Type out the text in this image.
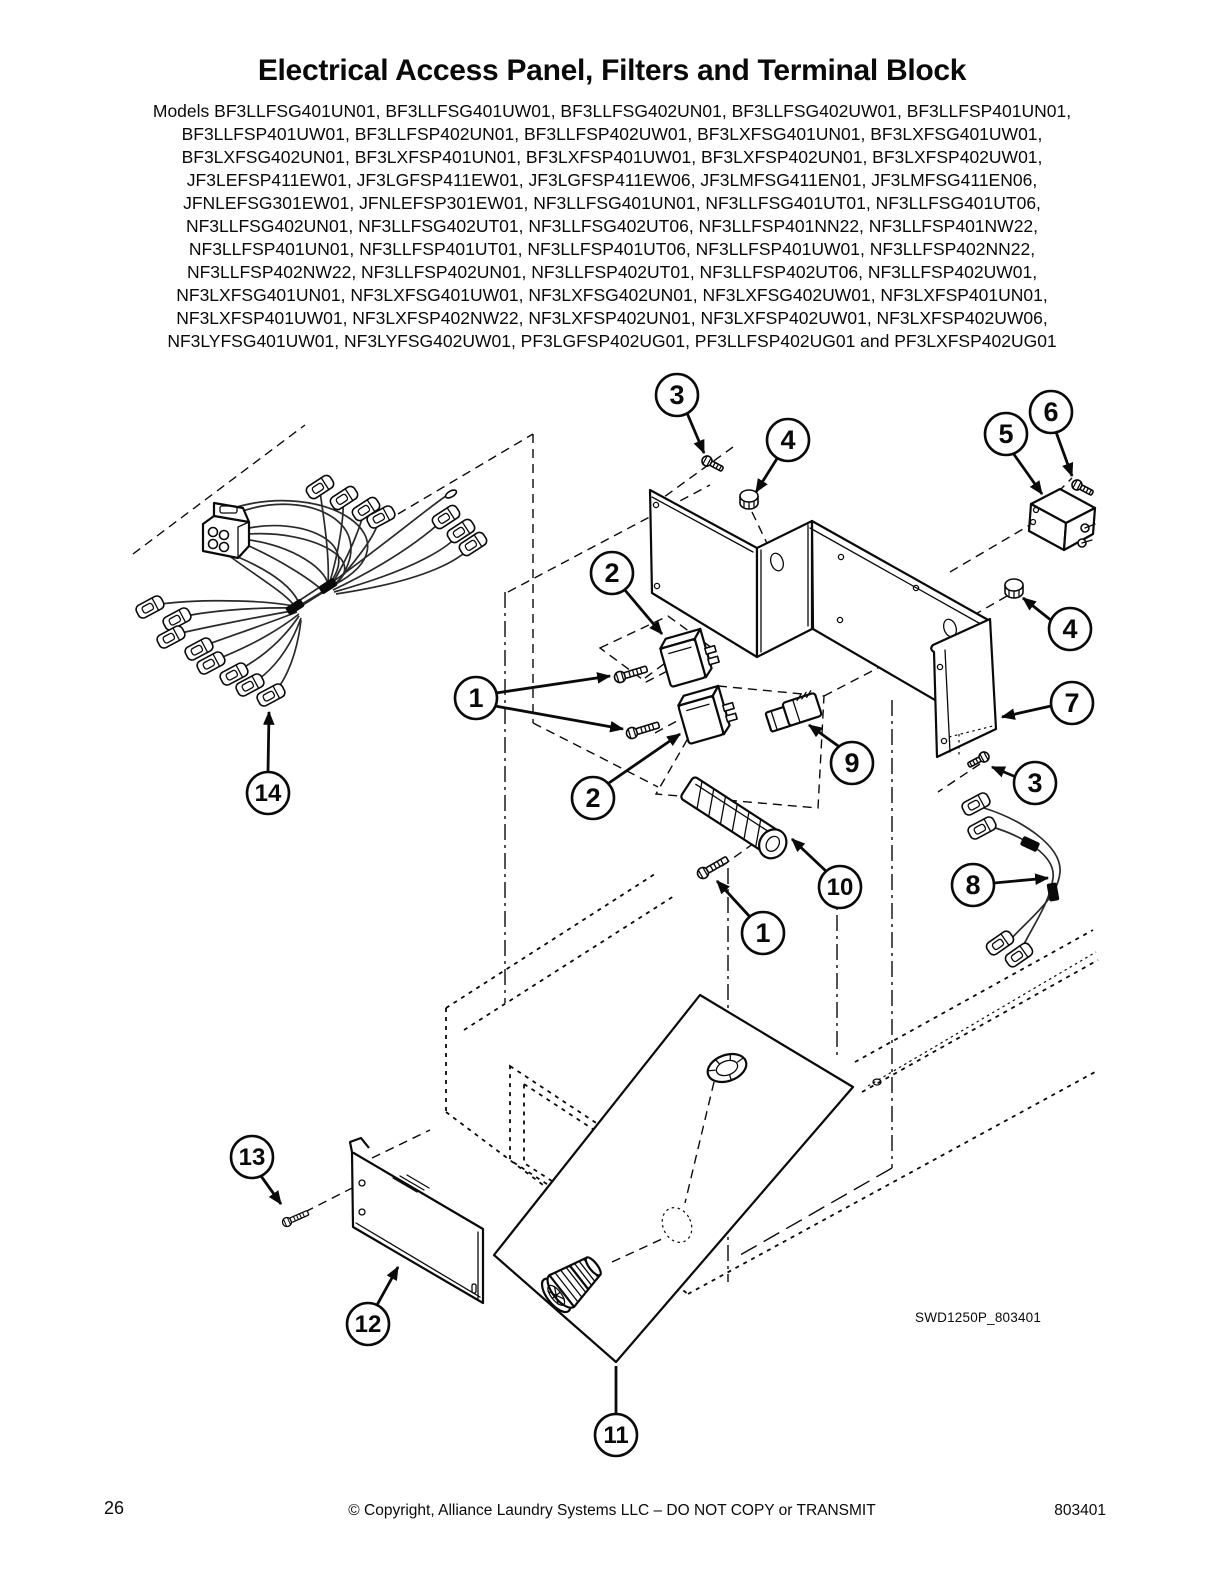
Electrical Access Panel, Filters and Terminal Block
Models BF3LLFSG401UN01, BF3LLFSG401UW01, BF3LLFSG402UN01, BF3LLFSG402UW01, BF3LLFSP401UN01,
BF3LLFSP401UW01, BF3LLFSP402UN01, BF3LLFSP402UW01, BF3LXFSG401UN01, BF3LXFSG401UW01,
BF3LXFSG402UN01, BF3LXFSP401UN01, BF3LXFSP401UW01, BF3LXFSP402UN01, BF3LXFSP402UW01,
JF3LEFSP411EW01, JF3LGFSP411EW01, JF3LGFSP411EW06, JF3LMFSG411EN01, JF3LMFSG411EN06,
JFNLEFSG301EW01, JFNLEFSP301EW01, NF3LLFSG401UN01, NF3LLFSG401UT01, NF3LLFSG401UT06,
NF3LLFSG402UN01, NF3LLFSG402UT01, NF3LLFSG402UT06, NF3LLFSP401NN22, NF3LLFSP401NW22,
NF3LLFSP401UN01, NF3LLFSP401UT01, NF3LLFSP401UT06, NF3LLFSP401UW01, NF3LLFSP402NN22,
NF3LLFSP402NW22, NF3LLFSP402UN01, NF3LLFSP402UT01, NF3LLFSP402UT06, NF3LLFSP402UW01,
NF3LXFSG401UN01, NF3LXFSG401UW01, NF3LXFSG402UN01, NF3LXFSG402UW01, NF3LXFSP401UN01,
NF3LXFSP401UW01, NF3LXFSP402NW22, NF3LXFSP402UN01, NF3LXFSP402UW01, NF3LXFSP402UW06,
NF3LYFSG401UW01, NF3LYFSG402UW01, PF3LGFSP402UG01, PF3LLFSP402UG01 and PF3LXFSP402UG01
3
4
6
5
2
4
1	7
9
3
2
10	8
1
14
13
12
11
SWD1250P_803401
26	© Copyright, Alliance Laundry Systems LLC – DO NOT COPY or TRANSMIT	803401
